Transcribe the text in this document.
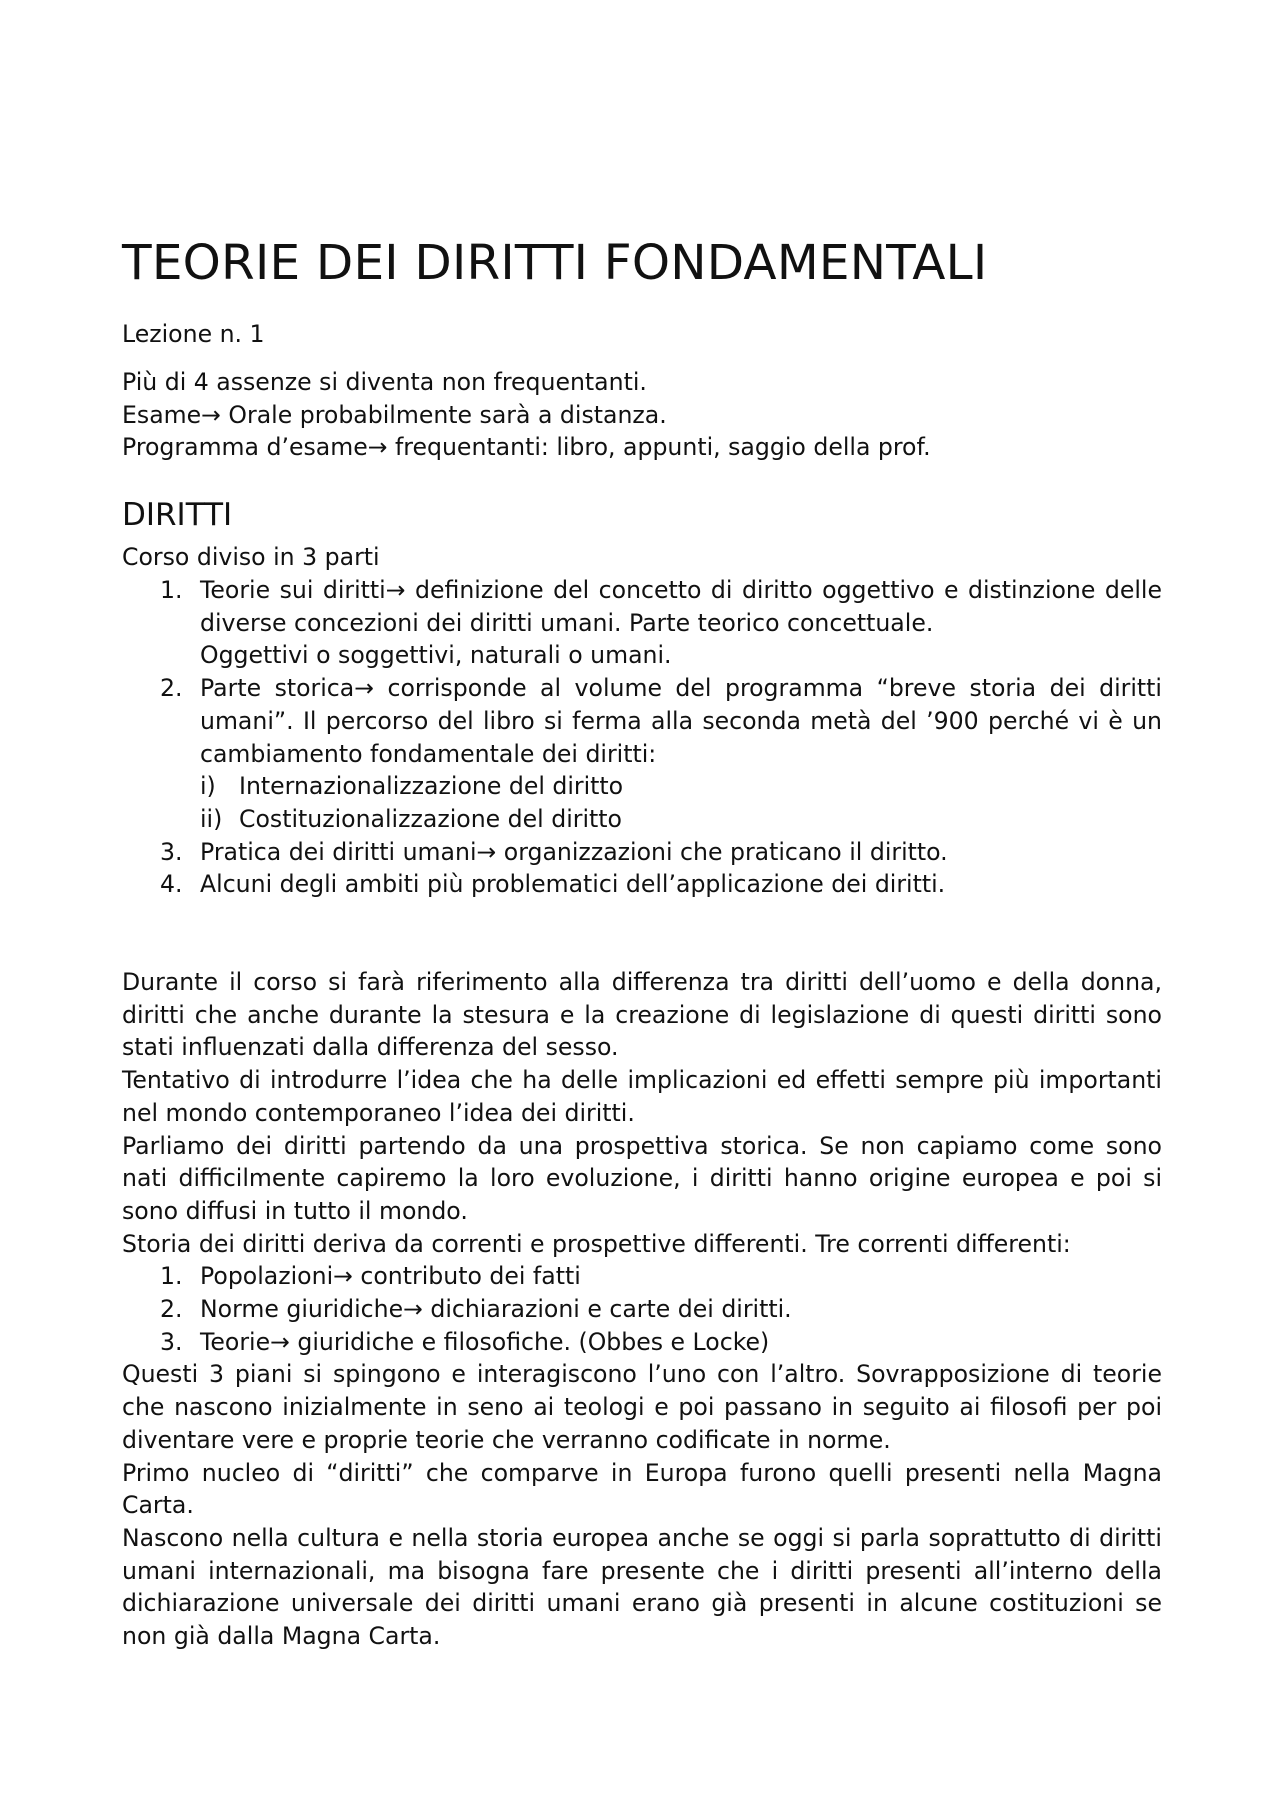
TEORIE DEI DIRITTI FONDAMENTALI

Lezione n. 1

Più di 4 assenze si diventa non frequentanti.

Esame→ Orale probabilmente sarà a distanza.

Programma d’esame→ frequentanti: libro, appunti, saggio della prof.

DIRITTI

Corso diviso in 3 parti

1. Teorie sui diritti→ definizione del concetto di diritto oggettivo e distinzione delle diverse concezioni dei diritti umani. Parte teorico concettuale.
Oggettivi o soggettivi, naturali o umani.
2. Parte storica→ corrisponde al volume del programma “breve storia dei diritti umani”. Il percorso del libro si ferma alla seconda metà del ’900 perché vi è un cambiamento fondamentale dei diritti:
i) Internazionalizzazione del diritto
ii) Costituzionalizzazione del diritto
3. Pratica dei diritti umani→ organizzazioni che praticano il diritto.
4. Alcuni degli ambiti più problematici dell’applicazione dei diritti.

Durante il corso si farà riferimento alla differenza tra diritti dell’uomo e della donna, diritti che anche durante la stesura e la creazione di legislazione di questi diritti sono stati influenzati dalla differenza del sesso.

Tentativo di introdurre l’idea che ha delle implicazioni ed effetti sempre più importanti nel mondo contemporaneo l’idea dei diritti.

Parliamo dei diritti partendo da una prospettiva storica. Se non capiamo come sono nati difficilmente capiremo la loro evoluzione, i diritti hanno origine europea e poi si sono diffusi in tutto il mondo.

Storia dei diritti deriva da correnti e prospettive differenti. Tre correnti differenti:

1. Popolazioni→ contributo dei fatti
2. Norme giuridiche→ dichiarazioni e carte dei diritti.
3. Teorie→ giuridiche e filosofiche. (Obbes e Locke)

Questi 3 piani si spingono e interagiscono l’uno con l’altro. Sovrapposizione di teorie che nascono inizialmente in seno ai teologi e poi passano in seguito ai filosofi per poi diventare vere e proprie teorie che verranno codificate in norme.

Primo nucleo di “diritti” che comparve in Europa furono quelli presenti nella Magna Carta.

Nascono nella cultura e nella storia europea anche se oggi si parla soprattutto di diritti umani internazionali, ma bisogna fare presente che i diritti presenti all’interno della dichiarazione universale dei diritti umani erano già presenti in alcune costituzioni se non già dalla Magna Carta.
